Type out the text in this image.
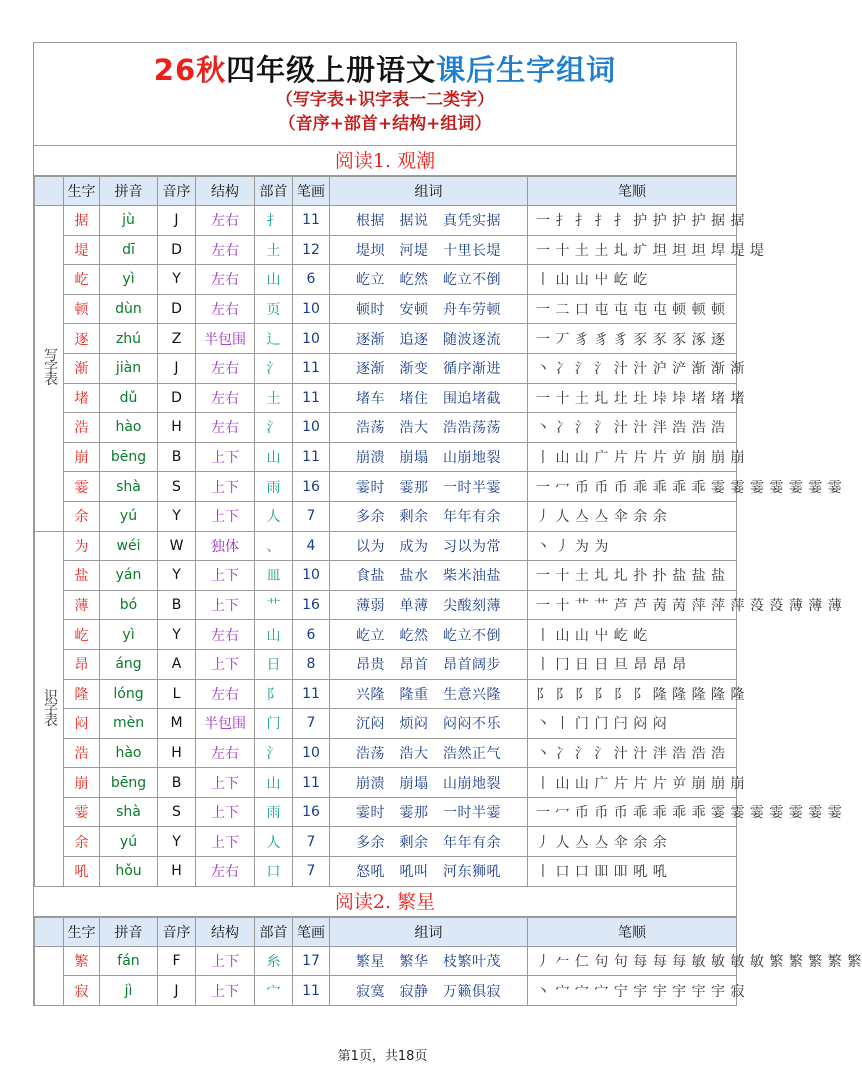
26秋四年级上册语文课后生字组词
（写字表+识字表一二类字）
（音序+部首+结构+组词）
阅读1. 观潮
	生字	拼音	音序	结构	部首	笔画	组词	笔顺
写字表	据	jù	J	左右	扌	11	根据　据说　真凭实据	一 扌 扌 扌 扌 护 护 护 护 据 据
	堤	dī	D	左右	土	12	堤坝　河堤　十里长堤	一 十 土 土 圠 圹 坦 坦 坦 垾 堤 堤
	屹	yì	Y	左右	山	6	屹立　屹然　屹立不倒	丨 山 山 屮 屹 屹
	顿	dùn	D	左右	页	10	顿时　安顿　舟车劳顿	一 二 口 屯 屯 屯 屯 顿 顿 顿
	逐	zhú	Z	半包围	辶	10	逐渐　追逐　随波逐流	一 丆 豸 豸 豸 豕 豕 豕 涿 逐
	渐	jiàn	J	左右	氵	11	逐渐　渐变　循序渐进	丶 冫 氵 氵 汁 汁 沪 浐 渐 渐 渐
	堵	dǔ	D	左右	土	11	堵车　堵住　围追堵截	一 十 土 圠 圵 圵 垰 垰 堵 堵 堵
	浩	hào	H	左右	氵	10	浩荡　浩大　浩浩荡荡	丶 冫 氵 氵 汁 汁 泮 浩 浩 浩
	崩	bēng	B	上下	山	11	崩溃　崩塌　山崩地裂	丨 山 山 广 片 片 片 屰 崩 崩 崩
	霎	shà	S	上下	雨	16	霎时　霎那　一时半霎	一 冖 币 币 币 乖 乖 乖 乖 霎 霎 霎 霎 霎 霎 霎
	余	yú	Y	上下	人	7	多余　剩余　年年有余	丿 人 亼 亼 伞 余 余
识字表	为	wéi	W	独体	、	4	以为　成为　习以为常	丶 丿 为 为
	盐	yán	Y	上下	皿	10	食盐　盐水　柴米油盐	一 十 土 圠 圠 扑 扑 盐 盐 盐
	薄	bó	B	上下	艹	16	薄弱　单薄　尖酸刻薄	一 十 艹 艹 芦 芦 苪 苪 萍 萍 萍 莈 莈 薄 薄 薄
	屹	yì	Y	左右	山	6	屹立　屹然　屹立不倒	丨 山 山 屮 屹 屹
	昂	áng	A	上下	日	8	昂贵　昂首　昂首阔步	丨 冂 日 日 旦 昂 昂 昂
	隆	lóng	L	左右	阝	11	兴隆　隆重　生意兴隆	阝 阝 阝 阝 阝 阝 隆 隆 隆 隆 隆
	闷	mèn	M	半包围	门	7	沉闷　烦闷　闷闷不乐	丶 丨 门 门 闩 闷 闷
	浩	hào	H	左右	氵	10	浩荡　浩大　浩然正气	丶 冫 氵 氵 汁 汁 泮 浩 浩 浩
	崩	bēng	B	上下	山	11	崩溃　崩塌　山崩地裂	丨 山 山 广 片 片 片 屰 崩 崩 崩
	霎	shà	S	上下	雨	16	霎时　霎那　一时半霎	一 冖 币 币 币 乖 乖 乖 乖 霎 霎 霎 霎 霎 霎 霎
	余	yú	Y	上下	人	7	多余　剩余　年年有余	丿 人 亼 亼 伞 余 余
	吼	hǒu	H	左右	口	7	怒吼　吼叫　河东狮吼	丨 口 口 吅 吅 吼 吼
阅读2. 繁星
	生字	拼音	音序	结构	部首	笔画	组词	笔顺
	繁	fán	F	上下	糸	17	繁星　繁华　枝繁叶茂	丿 𠂉 仁 句 句 每 每 每 敏 敏 敏 敏 繁 繁 繁 繁 繁
	寂	jì	J	上下	宀	11	寂寞　寂静　万籁俱寂	丶 宀 宀 宀 宁 宇 宇 宇 宇 宇 寂
第1页，共18页
